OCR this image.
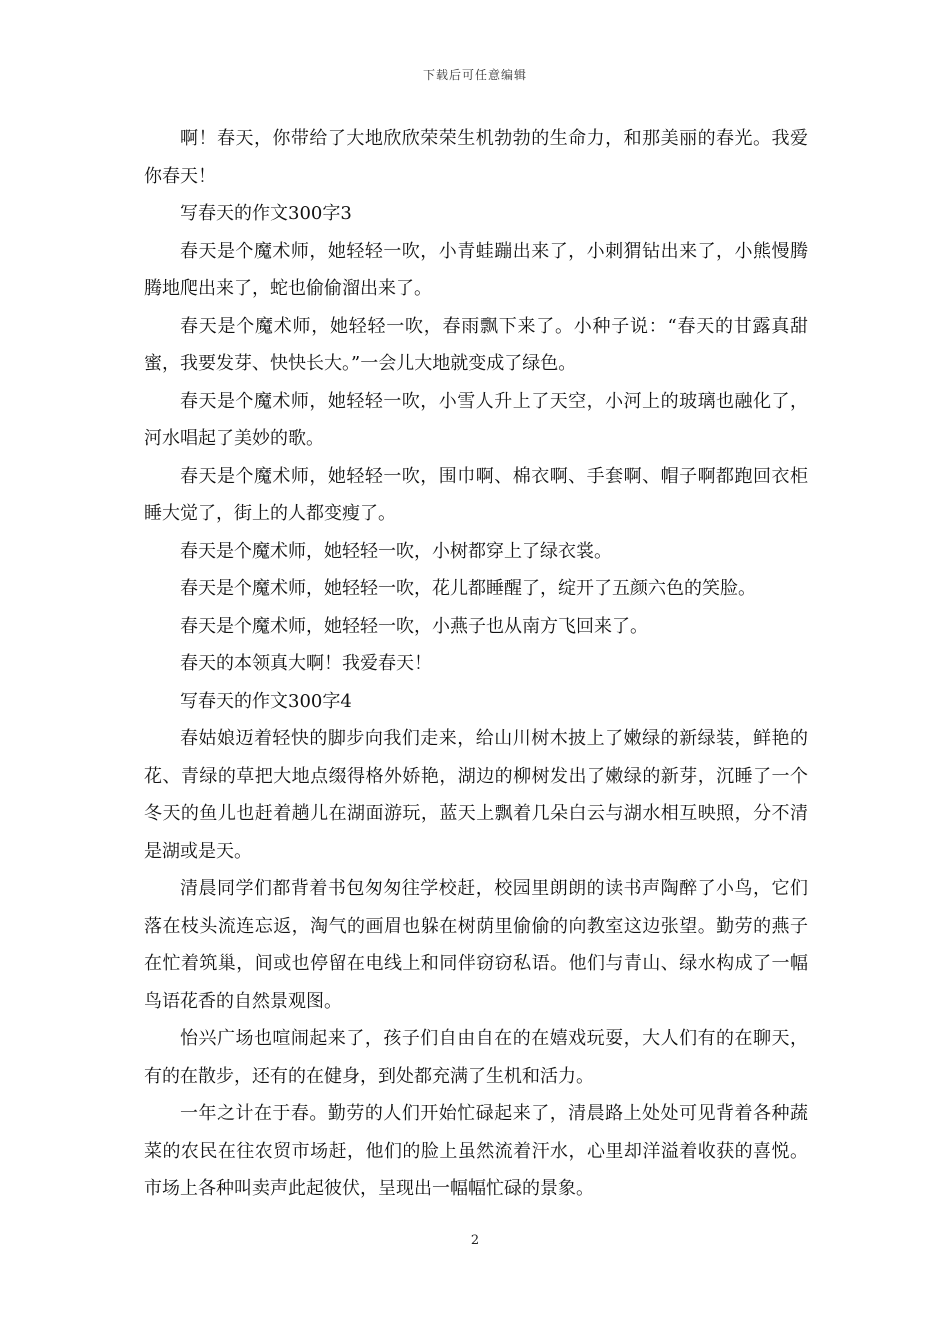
下载后可任意编辑

啊！春天，你带给了大地欣欣荣荣生机勃勃的生命力，和那美丽的春光。我爱你春天！

写春天的作文300字3

春天是个魔术师，她轻轻一吹，小青蛙蹦出来了，小刺猬钻出来了，小熊慢腾腾地爬出来了，蛇也偷偷溜出来了。

春天是个魔术师，她轻轻一吹，春雨飘下来了。小种子说：“春天的甘露真甜蜜，我要发芽、快快长大。”一会儿大地就变成了绿色。

春天是个魔术师，她轻轻一吹，小雪人升上了天空，小河上的玻璃也融化了，河水唱起了美妙的歌。

春天是个魔术师，她轻轻一吹，围巾啊、棉衣啊、手套啊、帽子啊都跑回衣柜睡大觉了，街上的人都变瘦了。

春天是个魔术师，她轻轻一吹，小树都穿上了绿衣裳。

春天是个魔术师，她轻轻一吹，花儿都睡醒了，绽开了五颜六色的笑脸。

春天是个魔术师，她轻轻一吹，小燕子也从南方飞回来了。

春天的本领真大啊！我爱春天！

写春天的作文300字4

春姑娘迈着轻快的脚步向我们走来，给山川树木披上了嫩绿的新绿装，鲜艳的花、青绿的草把大地点缀得格外娇艳，湖边的柳树发出了嫩绿的新芽，沉睡了一个冬天的鱼儿也赶着趟儿在湖面游玩，蓝天上飘着几朵白云与湖水相互映照，分不清是湖或是天。

清晨同学们都背着书包匆匆往学校赶，校园里朗朗的读书声陶醉了小鸟，它们落在枝头流连忘返，淘气的画眉也躲在树荫里偷偷的向教室这边张望。勤劳的燕子在忙着筑巢，间或也停留在电线上和同伴窃窃私语。他们与青山、绿水构成了一幅鸟语花香的自然景观图。

怡兴广场也喧闹起来了，孩子们自由自在的在嬉戏玩耍，大人们有的在聊天，有的在散步，还有的在健身，到处都充满了生机和活力。

一年之计在于春。勤劳的人们开始忙碌起来了，清晨路上处处可见背着各种蔬菜的农民在往农贸市场赶，他们的脸上虽然流着汗水，心里却洋溢着收获的喜悦。市场上各种叫卖声此起彼伏，呈现出一幅幅忙碌的景象。

2
